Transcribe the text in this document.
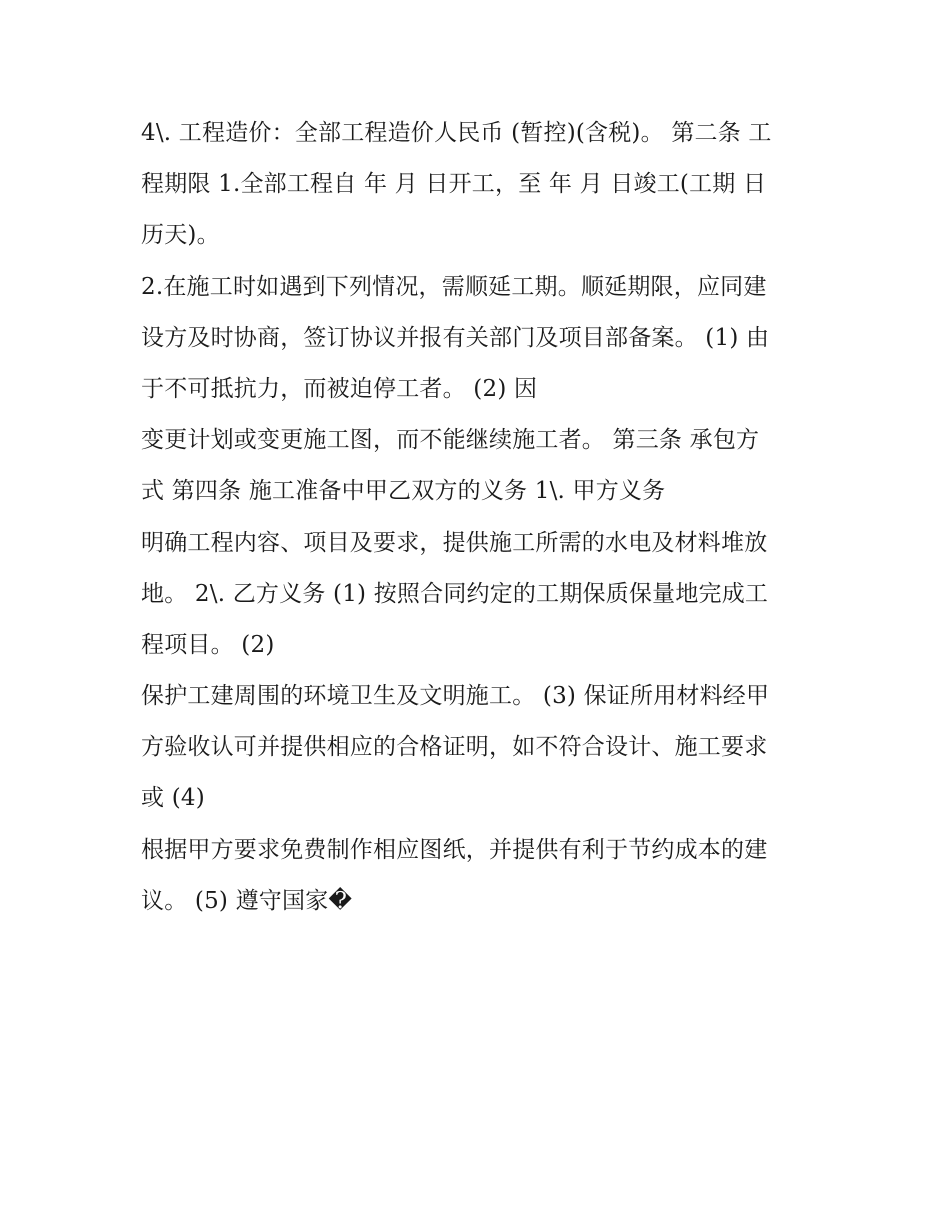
4\. 工程造价：全部工程造价人民币 (暂控)(含税)。 第二条 工
程期限 1.全部工程自 年 月 日开工，至 年 月 日竣工(工期 日
历天)。
2.在施工时如遇到下列情况，需顺延工期。顺延期限，应同建
设方及时协商，签订协议并报有关部门及项目部备案。 (1) 由
于不可抵抗力，而被迫停工者。 (2) 因
变更计划或变更施工图，而不能继续施工者。 第三条 承包方
式 第四条 施工准备中甲乙双方的义务 1\. 甲方义务
明确工程内容、项目及要求，提供施工所需的水电及材料堆放
地。 2\. 乙方义务 (1) 按照合同约定的工期保质保量地完成工
程项目。 (2)
保护工建周围的环境卫生及文明施工。 (3) 保证所用材料经甲
方验收认可并提供相应的合格证明，如不符合设计、施工要求
或 (4)
根据甲方要求免费制作相应图纸，并提供有利于节约成本的建
议。 (5) 遵守国家�
